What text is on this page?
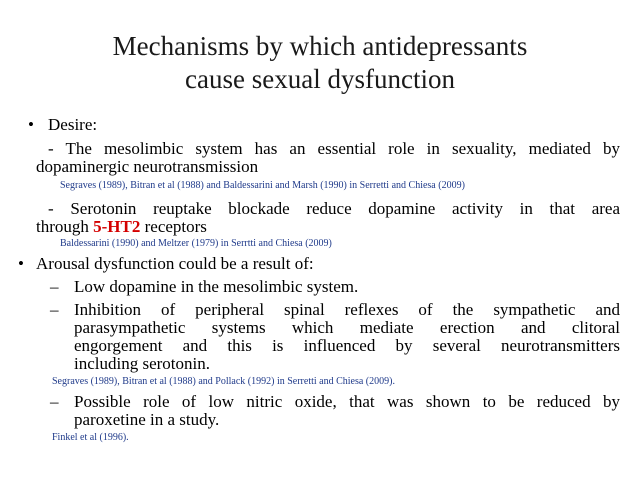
Mechanisms by which antidepressants
cause sexual dysfunction
• Desire:
- The mesolimbic system has an essential role in sexuality, mediated by
dopaminergic neurotransmission
Segraves (1989), Bitran et al (1988) and Baldessarini and Marsh (1990) in Serretti and Chiesa (2009)
- Serotonin reuptake blockade reduce dopamine activity in that area
through 5-HT2 receptors
Baldessarini (1990) and Meltzer (1979) in Serrtti and Chiesa (2009)
• Arousal dysfunction could be a result of:
– Low dopamine in the mesolimbic system.
– Inhibition of peripheral spinal reflexes of the sympathetic and
parasympathetic systems which mediate erection and clitoral
engorgement and this is influenced by several neurotransmitters
including serotonin.
Segraves (1989), Bitran et al (1988) and Pollack (1992) in Serretti and Chiesa (2009).
– Possible role of low nitric oxide, that was shown to be reduced by
paroxetine in a study.
Finkel et al (1996).
